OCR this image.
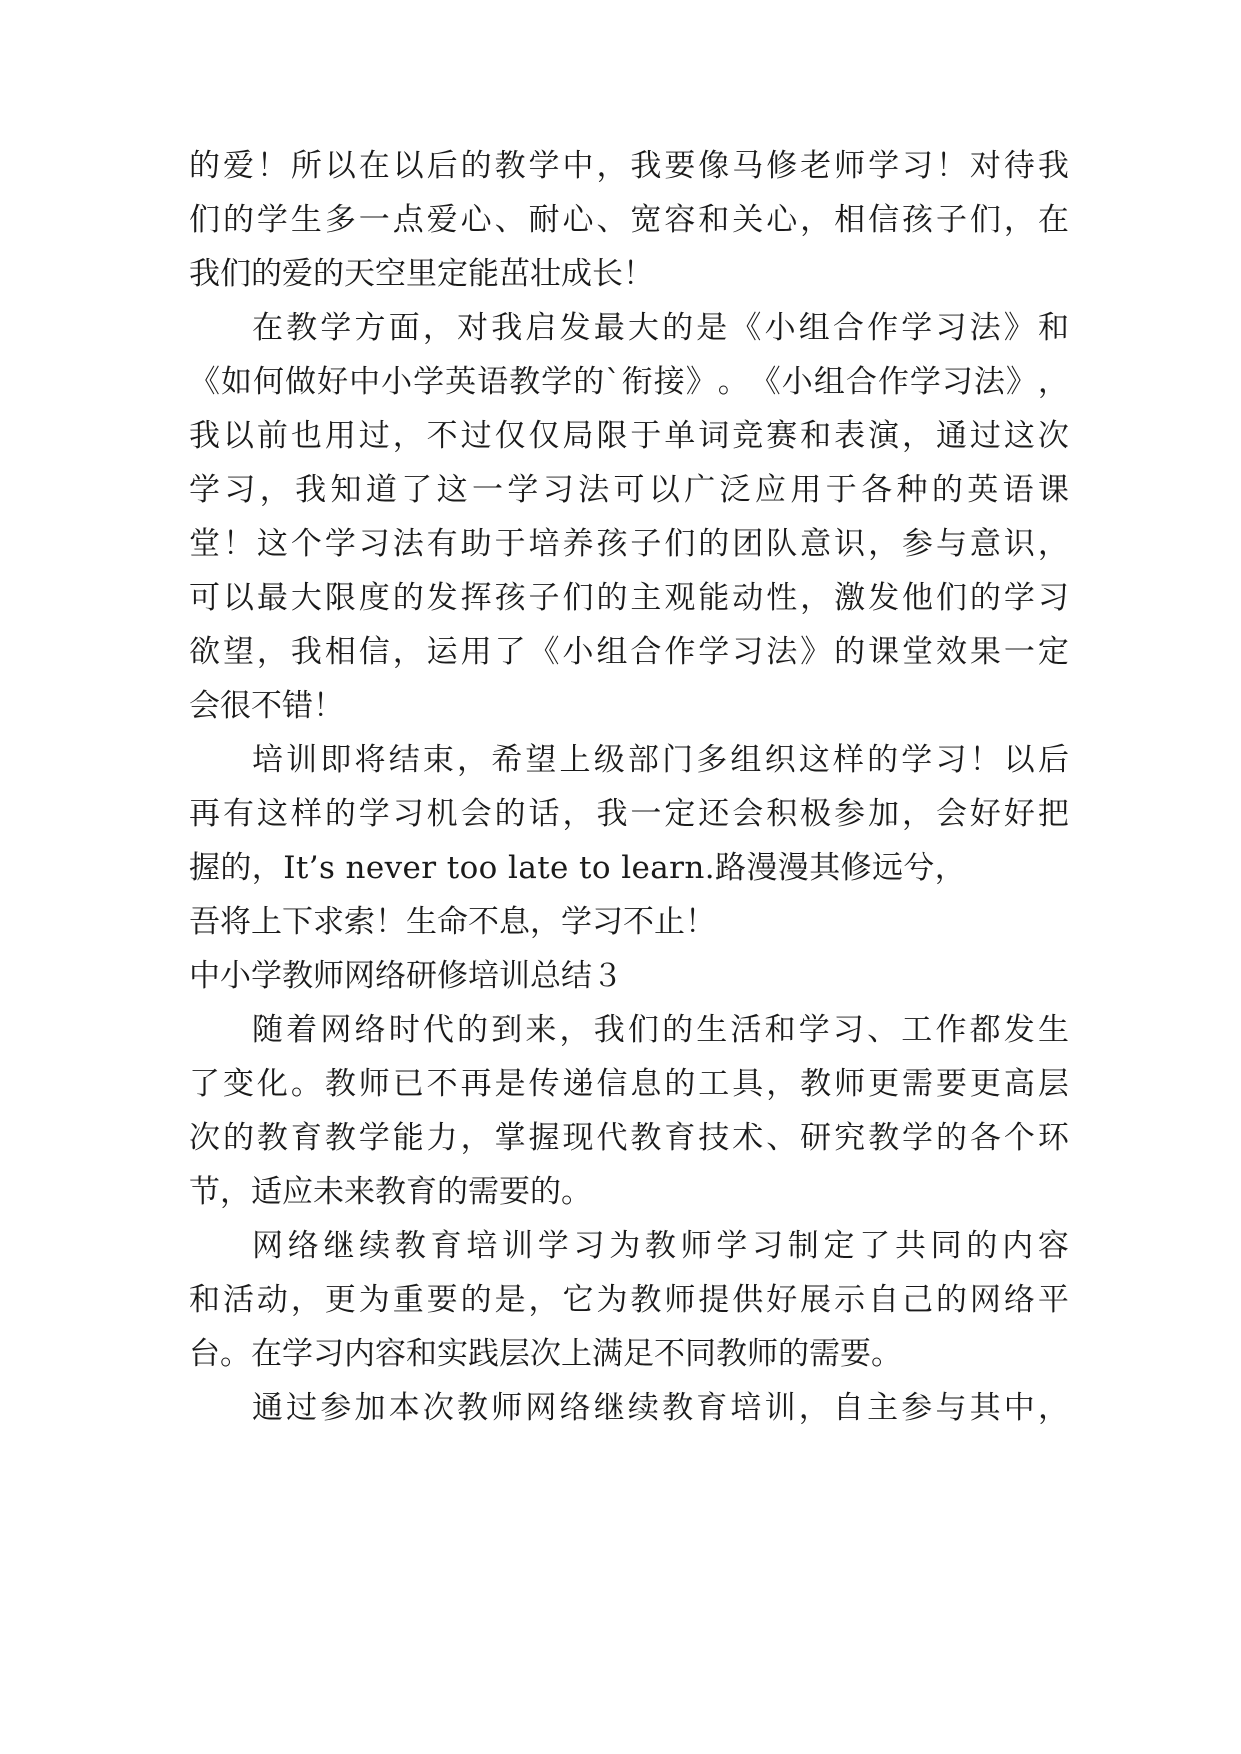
的 爱 ！ 所 以 在 以 后 的 教 学 中 ， 我 要 像 马 修 老 师 学 习 ！ 对 待 我
们 的 学 生 多 一 点 爱 心 、 耐 心 、 宽 容 和 关 心 ， 相 信 孩 子 们 ， 在
我们的爱的天空里定能茁壮成长！
在 教 学 方 面 ， 对 我 启 发 最 大 的 是 《 小 组 合 作 学 习 法 》 和
《 如 何 做 好 中 小 学 英 语 教 学 的 ` 衔 接 》 。 《 小 组 合 作 学 习 法 》 ，
我 以 前 也 用 过 ， 不 过 仅 仅 局 限 于 单 词 竞 赛 和 表 演 ， 通 过 这 次
学 习 ， 我 知 道 了 这 一 学 习 法 可 以 广 泛 应 用 于 各 种 的 英 语 课
堂 ！ 这 个 学 习 法 有 助 于 培 养 孩 子 们 的 团 队 意 识 ， 参 与 意 识 ，
可 以 最 大 限 度 的 发 挥 孩 子 们 的 主 观 能 动 性 ， 激 发 他 们 的 学 习
欲 望 ， 我 相 信 ， 运 用 了 《 小 组 合 作 学 习 法 》 的 课 堂 效 果 一 定
会很不错！
培 训 即 将 结 束 ， 希 望 上 级 部 门 多 组 织 这 样 的 学 习 ！ 以 后
再 有 这 样 的 学 习 机 会 的 话 ， 我 一 定 还 会 积 极 参 加 ， 会 好 好 把
握的，It’s never too late to learn.路漫漫其修远兮，
吾将上下求索！生命不息，学习不止！
中小学教师网络研修培训总结３
随 着 网 络 时 代 的 到 来 ， 我 们 的 生 活 和 学 习 、 工 作 都 发 生
了 变 化 。 教 师 已 不 再 是 传 递 信 息 的 工 具 ， 教 师 更 需 要 更 高 层
次 的 教 育 教 学 能 力 ， 掌 握 现 代 教 育 技 术 、 研 究 教 学 的 各 个 环
节，适应未来教育的需要的。
网 络 继 续 教 育 培 训 学 习 为 教 师 学 习 制 定 了 共 同 的 内 容
和 活 动 ， 更 为 重 要 的 是 ， 它 为 教 师 提 供 好 展 示 自 己 的 网 络 平
台。在学习内容和实践层次上满足不同教师的需要。
通 过 参 加 本 次 教 师 网 络 继 续 教 育 培 训 ， 自 主 参 与 其 中 ，
